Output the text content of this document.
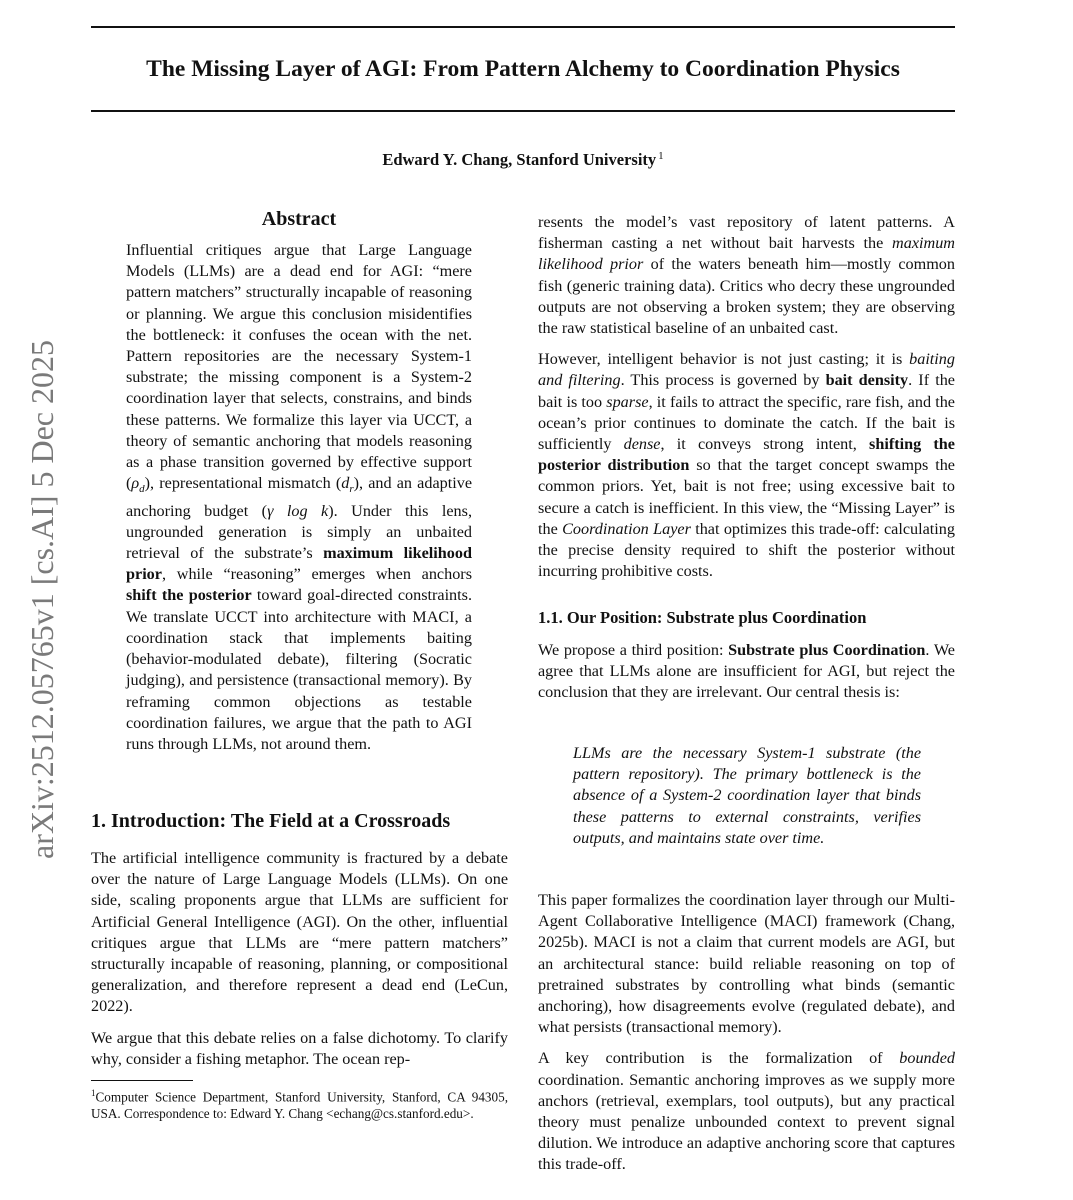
The Missing Layer of AGI: From Pattern Alchemy to Coordination Physics
Edward Y. Chang, Stanford University $^1$
arXiv:2512.05765v1 [cs.AI] 5 Dec 2025
Abstract

Influential critiques argue that Large Language Models (LLMs) are a dead end for AGI: “mere pattern matchers” structurally incapable of reasoning or planning. We argue this conclusion misidentifies the bottleneck: it confuses the ocean with the net. Pattern repositories are the necessary System-1 substrate; the missing component is a System-2 coordination layer that selects, constrains, and binds these patterns. We formalize this layer via UCCT, a theory of semantic anchoring that models reasoning as a phase transition governed by effective support $(\rho_d)$, representational mismatch $(d_r)$, and an adaptive anchoring budget (γ log k). Under this lens, ungrounded generation is simply an unbaited retrieval of the substrate’s maximum likelihood prior, while “reasoning” emerges when anchors shift the posterior toward goal-directed constraints. We translate UCCT into architecture with MACI, a coordination stack that implements baiting (behavior-modulated debate), filtering (Socratic judging), and persistence (transactional memory). By reframing common objections as testable coordination failures, we argue that the path to AGI runs through LLMs, not around them.

1. Introduction: The Field at a Crossroads

The artificial intelligence community is fractured by a debate over the nature of Large Language Models (LLMs). On one side, scaling proponents argue that LLMs are sufficient for Artificial General Intelligence (AGI). On the other, influential critiques argue that LLMs are “mere pattern matchers” structurally incapable of reasoning, planning, or compositional generalization, and therefore represent a dead end (LeCun, 2022).

We argue that this debate relies on a false dichotomy. To clarify why, consider a fishing metaphor. The ocean rep-

$^1$Computer Science Department, Stanford University, Stanford, CA 94305, USA. Correspondence to: Edward Y. Chang <echang@cs.stanford.edu>.

resents the model’s vast repository of latent patterns. A fisherman casting a net without bait harvests the maximum likelihood prior of the waters beneath him—mostly common fish (generic training data). Critics who decry these ungrounded outputs are not observing a broken system; they are observing the raw statistical baseline of an unbaited cast.

However, intelligent behavior is not just casting; it is baiting and filtering. This process is governed by bait density. If the bait is too sparse, it fails to attract the specific, rare fish, and the ocean’s prior continues to dominate the catch. If the bait is sufficiently dense, it conveys strong intent, shifting the posterior distribution so that the target concept swamps the common priors. Yet, bait is not free; using excessive bait to secure a catch is inefficient. In this view, the “Missing Layer” is the Coordination Layer that optimizes this trade-off: calculating the precise density required to shift the posterior without incurring prohibitive costs.

1.1. Our Position: Substrate plus Coordination

We propose a third position: Substrate plus Coordination. We agree that LLMs alone are insufficient for AGI, but reject the conclusion that they are irrelevant. Our central thesis is:

LLMs are the necessary System-1 substrate (the pattern repository). The primary bottleneck is the absence of a System-2 coordination layer that binds these patterns to external constraints, verifies outputs, and maintains state over time.

This paper formalizes the coordination layer through our Multi-Agent Collaborative Intelligence (MACI) framework (Chang, 2025b). MACI is not a claim that current models are AGI, but an architectural stance: build reliable reasoning on top of pretrained substrates by controlling what binds (semantic anchoring), how disagreements evolve (regulated debate), and what persists (transactional memory).

A key contribution is the formalization of bounded coordination. Semantic anchoring improves as we supply more anchors (retrieval, exemplars, tool outputs), but any practical theory must penalize unbounded context to prevent signal dilution. We introduce an adaptive anchoring score that captures this trade-off.
